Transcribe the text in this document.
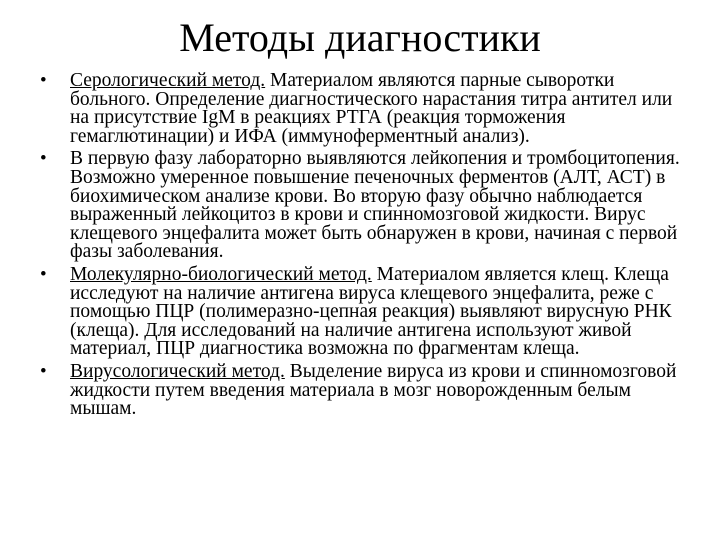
Методы диагностики
•	Серологический метод. Материалом являются парные сыворотки больного. Определение диагностического нарастания титра антител или на присутствие IgM в реакциях РТГА (реакция торможения гемаглютинации) и ИФА (иммуноферментный анализ).
•	В первую фазу лабораторно выявляются лейкопения и тромбоцитопения. Возможно умеренное повышение печеночных ферментов (АЛТ, АСТ) в биохимическом анализе крови. Во вторую фазу обычно наблюдается выраженный лейкоцитоз в крови и спинномозговой жидкости. Вирус клещевого энцефалита может быть обнаружен в крови, начиная с первой фазы заболевания.
•	Молекулярно-биологический метод. Материалом является клещ. Клеща исследуют на наличие антигена вируса клещевого энцефалита, реже с помощью ПЦР (полимеразно-цепная реакция) выявляют вирусную РНК (клеща). Для исследований на наличие антигена используют живой материал, ПЦР диагностика возможна по фрагментам клеща.
•	Вирусологический метод. Выделение вируса из крови и спинномозговой жидкости путем введения материала в мозг новорожденным белым мышам.
